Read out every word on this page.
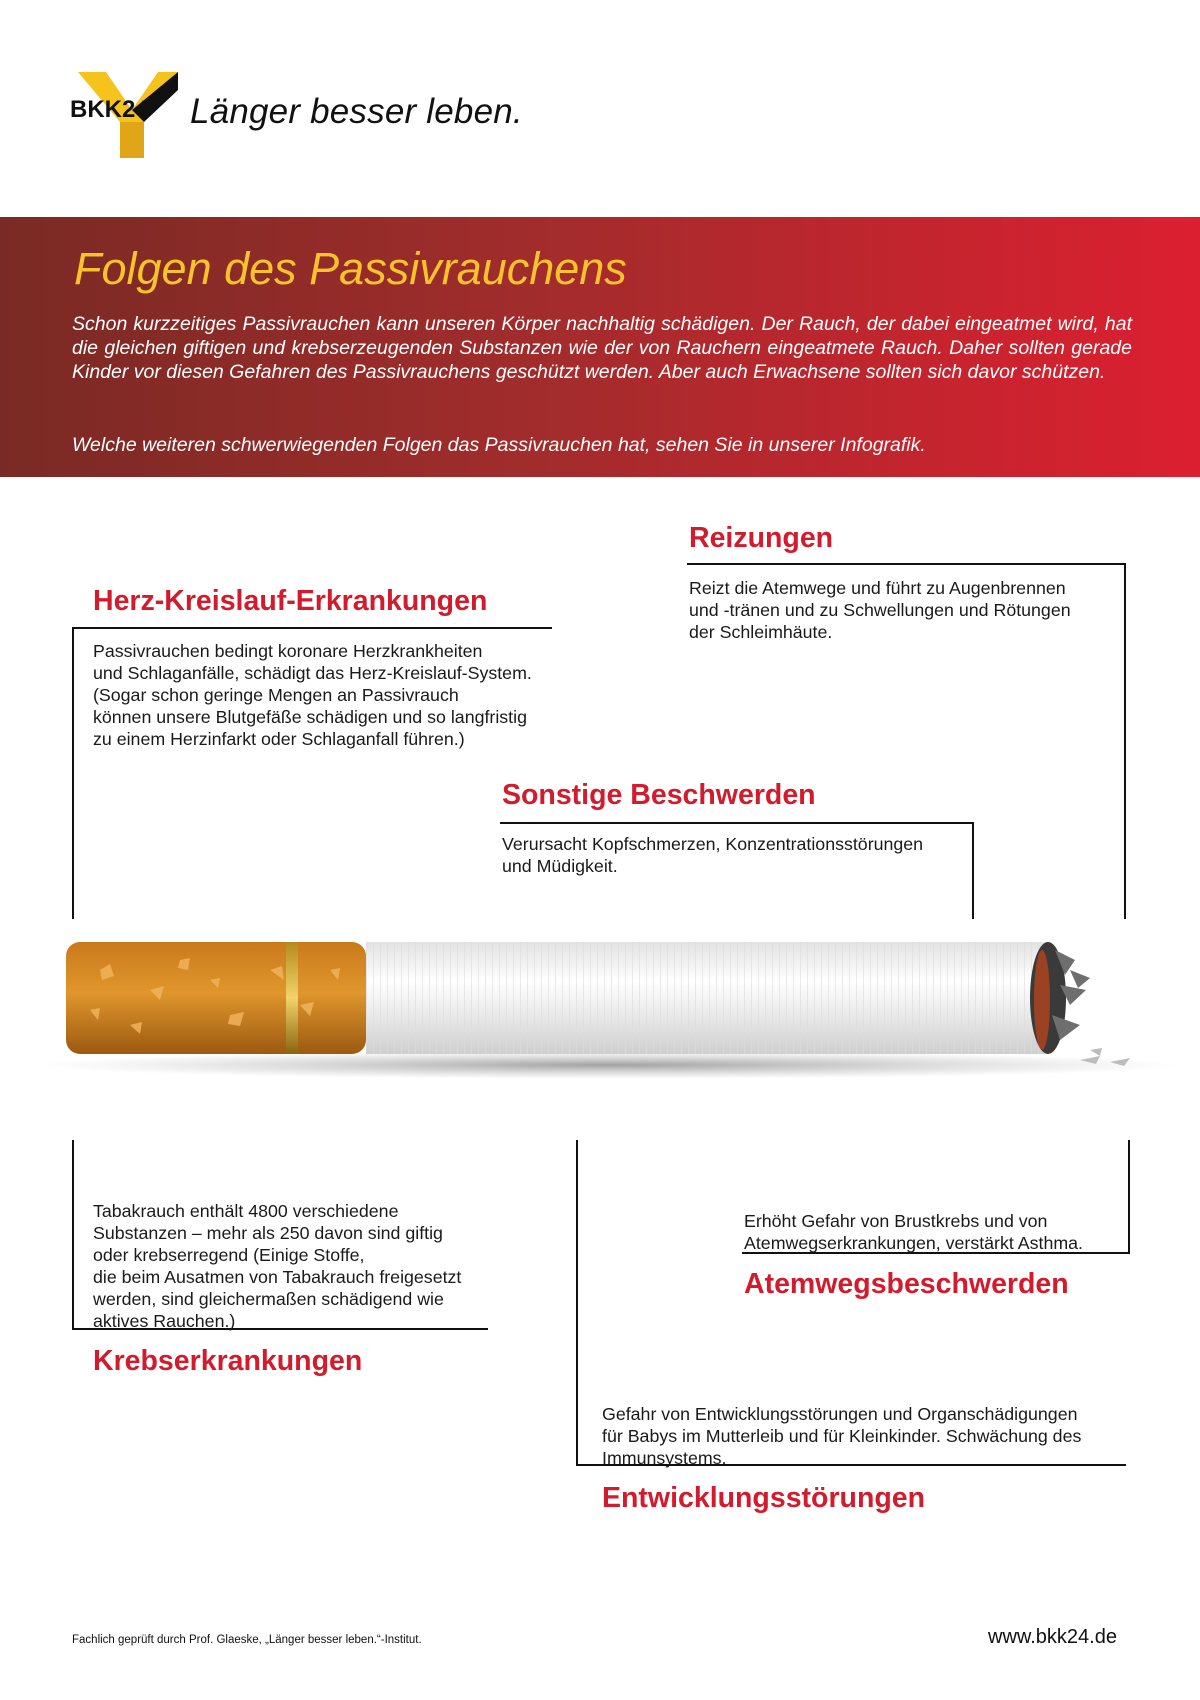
BKK24 Länger besser leben.
Folgen des Passivrauchens
Schon kurzzeitiges Passivrauchen kann unseren Körper nachhaltig schädigen. Der Rauch, der dabei eingeatmet wird, hat die gleichen giftigen und krebserzeugenden Substanzen wie der von Rauchern eingeatmete Rauch. Daher sollten gerade Kinder vor diesen Gefahren des Passivrauchens geschützt werden. Aber auch Erwachsene sollten sich davor schützen.
Welche weiteren schwerwiegenden Folgen das Passivrauchen hat, sehen Sie in unserer Infografik.
Herz-Kreislauf-Erkrankungen
Passivrauchen bedingt koronare Herzkrankheiten
und Schlaganfälle, schädigt das Herz-Kreislauf-System.
(Sogar schon geringe Mengen an Passivrauch
können unsere Blutgefäße schädigen und so langfristig
zu einem Herzinfarkt oder Schlaganfall führen.)
Reizungen
Reizt die Atemwege und führt zu Augenbrennen
und -tränen und zu Schwellungen und Rötungen
der Schleimhäute.
Sonstige Beschwerden
Verursacht Kopfschmerzen, Konzentrationsstörungen
und Müdigkeit.
Tabakrauch enthält 4800 verschiedene
Substanzen – mehr als 250 davon sind giftig
oder krebserregend (Einige Stoffe,
die beim Ausatmen von Tabakrauch freigesetzt
werden, sind gleichermaßen schädigend wie
aktives Rauchen.)
Krebserkrankungen
Erhöht Gefahr von Brustkrebs und von
Atemwegserkrankungen, verstärkt Asthma.
Atemwegsbeschwerden
Gefahr von Entwicklungsstörungen und Organschädigungen
für Babys im Mutterleib und für Kleinkinder. Schwächung des
Immunsystems.
Entwicklungsstörungen
Fachlich geprüft durch Prof. Glaeske, „Länger besser leben.“-Institut.	www.bkk24.de
